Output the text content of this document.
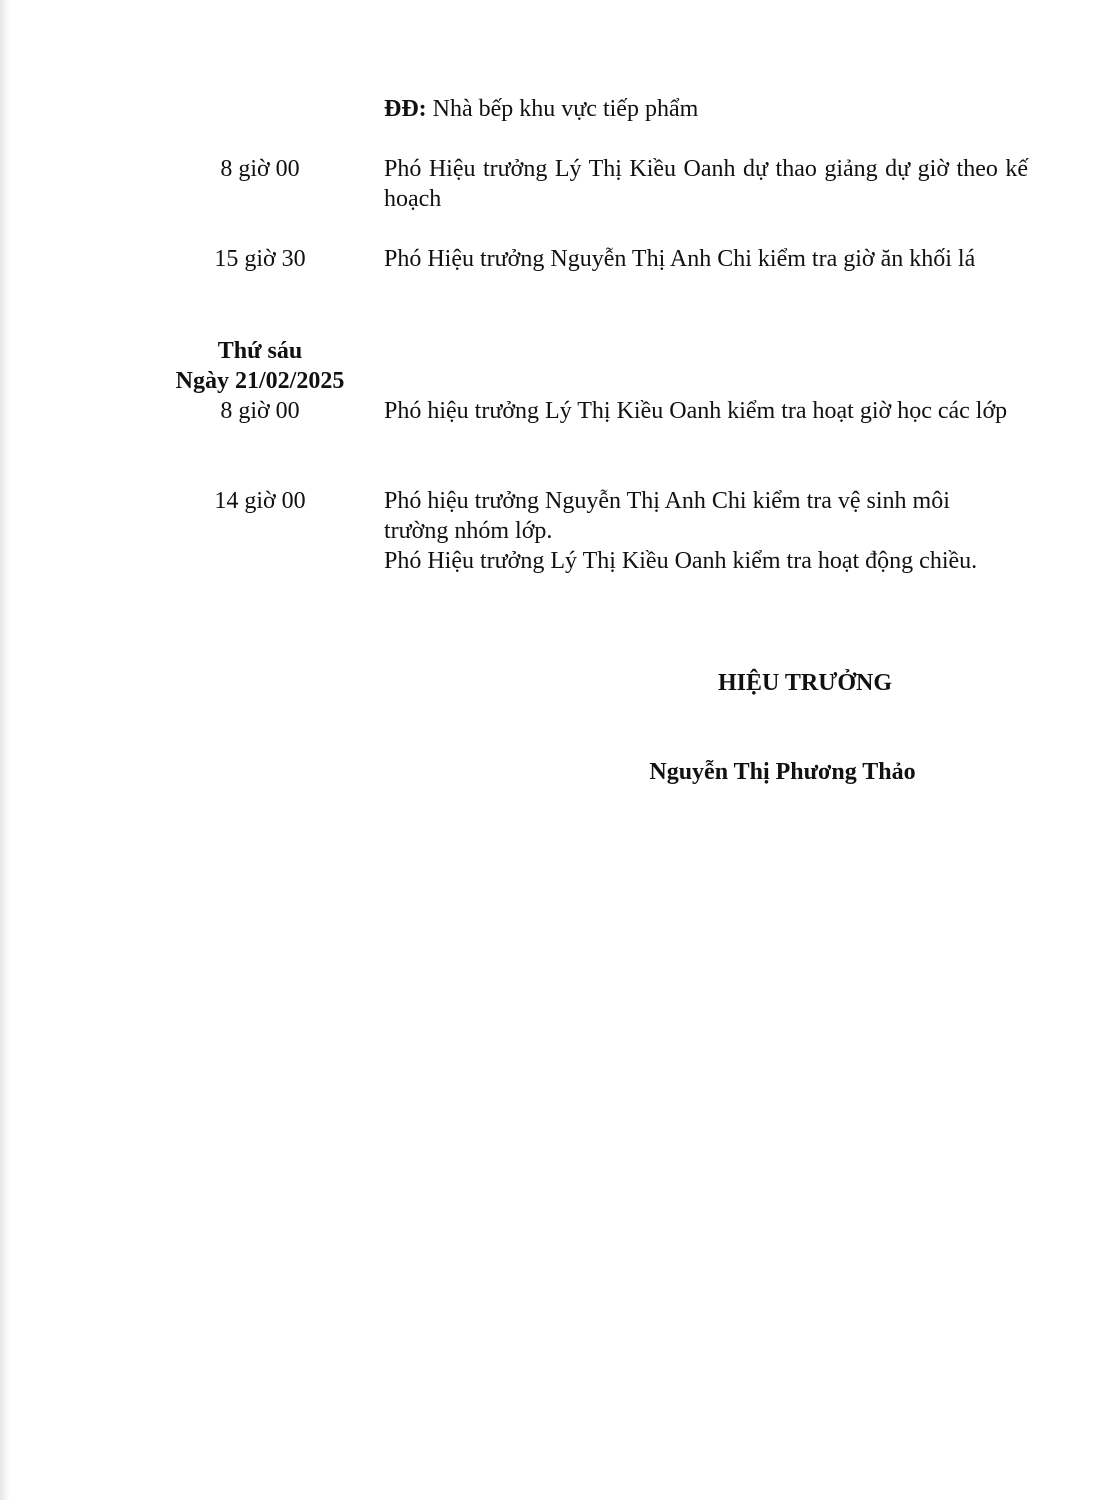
ĐĐ: Nhà bếp khu vực tiếp phẩm
8 giờ 00	Phó Hiệu trưởng Lý Thị Kiều Oanh dự thao giảng dự giờ theo kế hoạch

15 giờ 30	Phó Hiệu trưởng Nguyễn Thị Anh Chi kiểm tra giờ ăn khối lá

Thứ sáu
Ngày 21/02/2025
8 giờ 00	Phó hiệu trưởng Lý Thị Kiều Oanh kiểm tra hoạt giờ học các lớp

14 giờ 00	Phó hiệu trưởng Nguyễn Thị Anh Chi kiểm tra vệ sinh môi trường nhóm lớp.

Phó Hiệu trưởng Lý Thị Kiều Oanh kiểm tra hoạt động chiều.

HIỆU TRƯỞNG
Nguyễn Thị Phương Thảo
